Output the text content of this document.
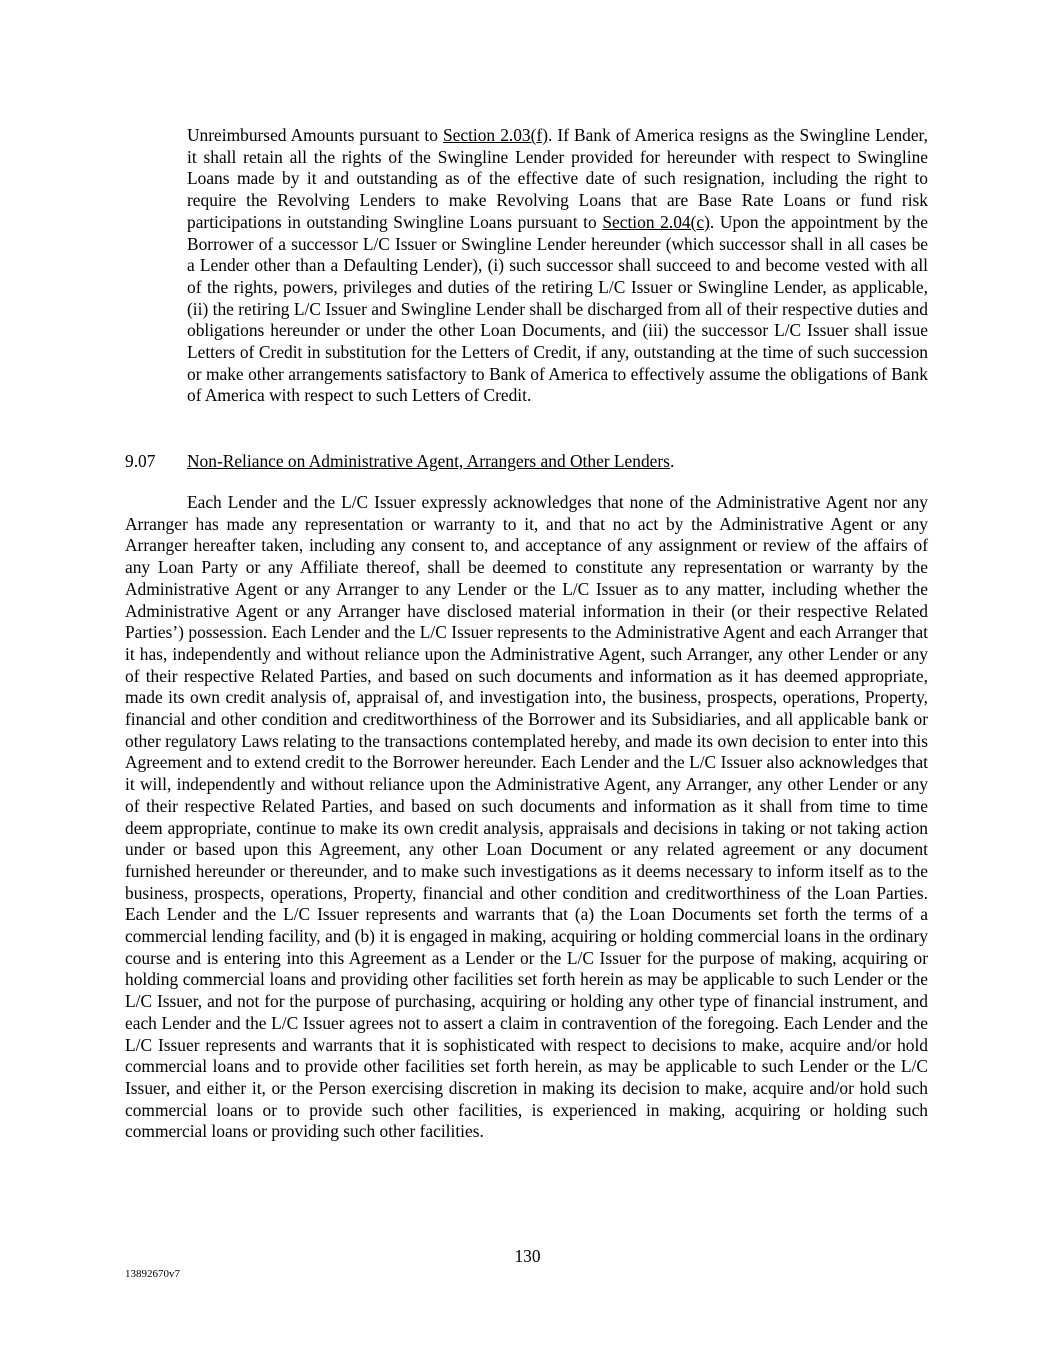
Unreimbursed Amounts pursuant to Section 2.03(f). If Bank of America resigns as the Swingline Lender, it shall retain all the rights of the Swingline Lender provided for hereunder with respect to Swingline Loans made by it and outstanding as of the effective date of such resignation, including the right to require the Revolving Lenders to make Revolving Loans that are Base Rate Loans or fund risk participations in outstanding Swingline Loans pursuant to Section 2.04(c). Upon the appointment by the Borrower of a successor L/C Issuer or Swingline Lender hereunder (which successor shall in all cases be a Lender other than a Defaulting Lender), (i) such successor shall succeed to and become vested with all of the rights, powers, privileges and duties of the retiring L/C Issuer or Swingline Lender, as applicable, (ii) the retiring L/C Issuer and Swingline Lender shall be discharged from all of their respective duties and obligations hereunder or under the other Loan Documents, and (iii) the successor L/C Issuer shall issue Letters of Credit in substitution for the Letters of Credit, if any, outstanding at the time of such succession or make other arrangements satisfactory to Bank of America to effectively assume the obligations of Bank of America with respect to such Letters of Credit.

9.07 Non-Reliance on Administrative Agent, Arrangers and Other Lenders.

Each Lender and the L/C Issuer expressly acknowledges that none of the Administrative Agent nor any Arranger has made any representation or warranty to it, and that no act by the Administrative Agent or any Arranger hereafter taken, including any consent to, and acceptance of any assignment or review of the affairs of any Loan Party or any Affiliate thereof, shall be deemed to constitute any representation or warranty by the Administrative Agent or any Arranger to any Lender or the L/C Issuer as to any matter, including whether the Administrative Agent or any Arranger have disclosed material information in their (or their respective Related Parties’) possession. Each Lender and the L/C Issuer represents to the Administrative Agent and each Arranger that it has, independently and without reliance upon the Administrative Agent, such Arranger, any other Lender or any of their respective Related Parties, and based on such documents and information as it has deemed appropriate, made its own credit analysis of, appraisal of, and investigation into, the business, prospects, operations, Property, financial and other condition and creditworthiness of the Borrower and its Subsidiaries, and all applicable bank or other regulatory Laws relating to the transactions contemplated hereby, and made its own decision to enter into this Agreement and to extend credit to the Borrower hereunder. Each Lender and the L/C Issuer also acknowledges that it will, independently and without reliance upon the Administrative Agent, any Arranger, any other Lender or any of their respective Related Parties, and based on such documents and information as it shall from time to time deem appropriate, continue to make its own credit analysis, appraisals and decisions in taking or not taking action under or based upon this Agreement, any other Loan Document or any related agreement or any document furnished hereunder or thereunder, and to make such investigations as it deems necessary to inform itself as to the business, prospects, operations, Property, financial and other condition and creditworthiness of the Loan Parties. Each Lender and the L/C Issuer represents and warrants that (a) the Loan Documents set forth the terms of a commercial lending facility, and (b) it is engaged in making, acquiring or holding commercial loans in the ordinary course and is entering into this Agreement as a Lender or the L/C Issuer for the purpose of making, acquiring or holding commercial loans and providing other facilities set forth herein as may be applicable to such Lender or the L/C Issuer, and not for the purpose of purchasing, acquiring or holding any other type of financial instrument, and each Lender and the L/C Issuer agrees not to assert a claim in contravention of the foregoing. Each Lender and the L/C Issuer represents and warrants that it is sophisticated with respect to decisions to make, acquire and/or hold commercial loans and to provide other facilities set forth herein, as may be applicable to such Lender or the L/C Issuer, and either it, or the Person exercising discretion in making its decision to make, acquire and/or hold such commercial loans or to provide such other facilities, is experienced in making, acquiring or holding such commercial loans or providing such other facilities.

130
13892670v7
